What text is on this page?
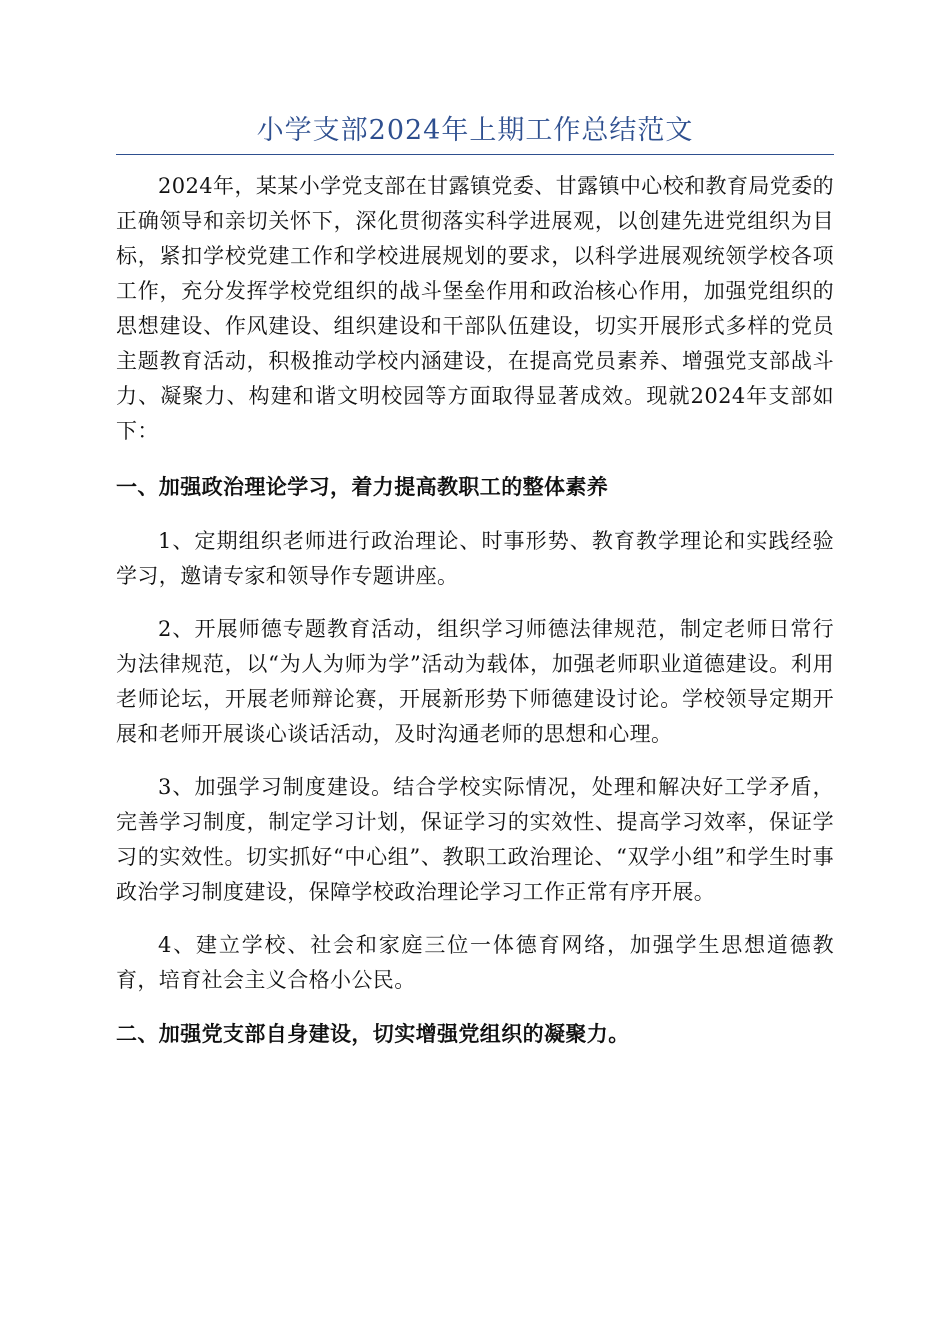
小学支部2024年上期工作总结范文

2024年，某某小学党支部在甘露镇党委、甘露镇中心校和教育局党委的正确领导和亲切关怀下，深化贯彻落实科学进展观，以创建先进党组织为目标，紧扣学校党建工作和学校进展规划的要求，以科学进展观统领学校各项工作，充分发挥学校党组织的战斗堡垒作用和政治核心作用，加强党组织的思想建设、作风建设、组织建设和干部队伍建设，切实开展形式多样的党员主题教育活动，积极推动学校内涵建设，在提高党员素养、增强党支部战斗力、凝聚力、构建和谐文明校园等方面取得显著成效。现就2024年支部如下：

一、加强政治理论学习，着力提高教职工的整体素养

1、定期组织老师进行政治理论、时事形势、教育教学理论和实践经验学习，邀请专家和领导作专题讲座。

2、开展师德专题教育活动，组织学习师德法律规范，制定老师日常行为法律规范，以“为人为师为学”活动为载体，加强老师职业道德建设。利用老师论坛，开展老师辩论赛，开展新形势下师德建设讨论。学校领导定期开展和老师开展谈心谈话活动，及时沟通老师的思想和心理。

3、加强学习制度建设。结合学校实际情况，处理和解决好工学矛盾，完善学习制度，制定学习计划，保证学习的实效性、提高学习效率，保证学习的实效性。切实抓好“中心组”、教职工政治理论、“双学小组”和学生时事政治学习制度建设，保障学校政治理论学习工作正常有序开展。

4、建立学校、社会和家庭三位一体德育网络，加强学生思想道德教育，培育社会主义合格小公民。

二、加强党支部自身建设，切实增强党组织的凝聚力。
